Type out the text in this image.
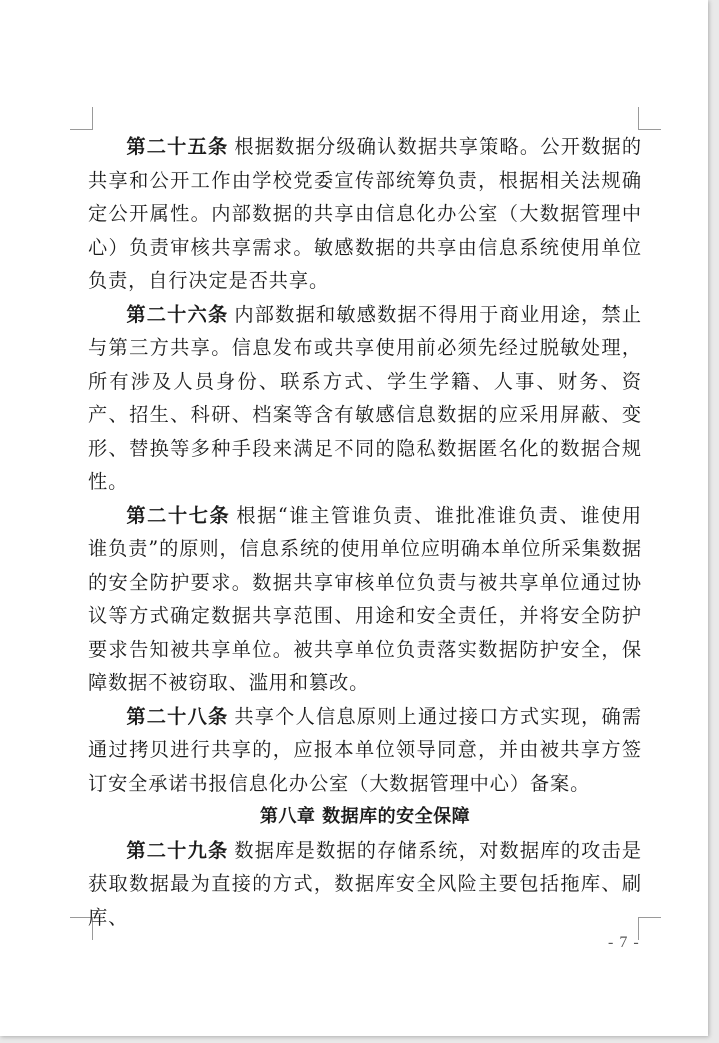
第二十五条 根据数据分级确认数据共享策略。公开数据的共享和公开工作由学校党委宣传部统筹负责，根据相关法规确定公开属性。内部数据的共享由信息化办公室（大数据管理中心）负责审核共享需求。敏感数据的共享由信息系统使用单位负责，自行决定是否共享。

第二十六条 内部数据和敏感数据不得用于商业用途，禁止与第三方共享。信息发布或共享使用前必须先经过脱敏处理，所有涉及人员身份、联系方式、学生学籍、人事、财务、资产、招生、科研、档案等含有敏感信息数据的应采用屏蔽、变形、替换等多种手段来满足不同的隐私数据匿名化的数据合规性。

第二十七条 根据“谁主管谁负责、谁批准谁负责、谁使用谁负责”的原则，信息系统的使用单位应明确本单位所采集数据的安全防护要求。数据共享审核单位负责与被共享单位通过协议等方式确定数据共享范围、用途和安全责任，并将安全防护要求告知被共享单位。被共享单位负责落实数据防护安全，保障数据不被窃取、滥用和篡改。

第二十八条 共享个人信息原则上通过接口方式实现，确需通过拷贝进行共享的，应报本单位领导同意，并由被共享方签订安全承诺书报信息化办公室（大数据管理中心）备案。

第八章 数据库的安全保障

第二十九条 数据库是数据的存储系统，对数据库的攻击是获取数据最为直接的方式，数据库安全风险主要包括拖库、刷库、

- 7 -
